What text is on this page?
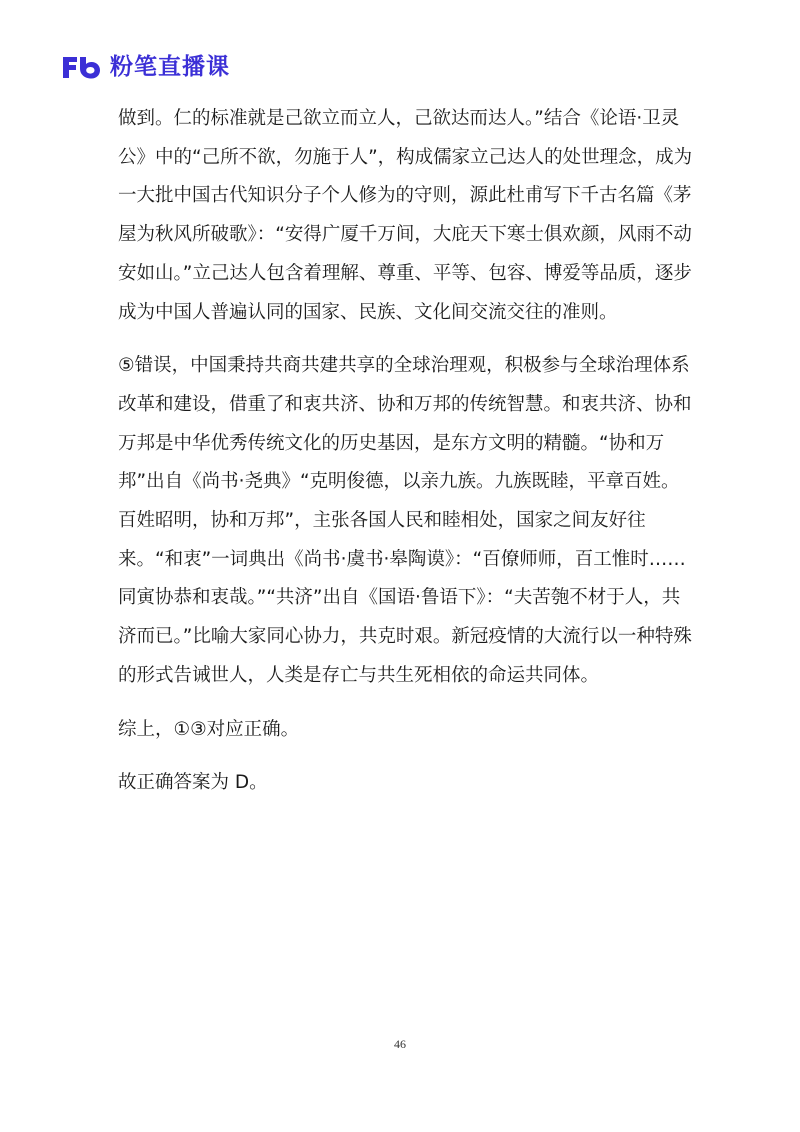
粉笔直播课

做到。仁的标准就是己欲立而立人，己欲达而达人。”结合《论语·卫灵公》中的“己所不欲，勿施于人”，构成儒家立己达人的处世理念，成为一大批中国古代知识分子个人修为的守则，源此杜甫写下千古名篇《茅屋为秋风所破歌》：“安得广厦千万间，大庇天下寒士俱欢颜，风雨不动安如山。”立己达人包含着理解、尊重、平等、包容、博爱等品质，逐步成为中国人普遍认同的国家、民族、文化间交流交往的准则。

⑤错误，中国秉持共商共建共享的全球治理观，积极参与全球治理体系改革和建设，借重了和衷共济、协和万邦的传统智慧。和衷共济、协和万邦是中华优秀传统文化的历史基因，是东方文明的精髓。“协和万邦”出自《尚书·尧典》“克明俊德，以亲九族。九族既睦，平章百姓。百姓昭明，协和万邦”，主张各国人民和睦相处，国家之间友好往来。“和衷”一词典出《尚书·虞书·皋陶谟》：“百僚师师，百工惟时……同寅协恭和衷哉。”“共济”出自《国语·鲁语下》：“夫苦匏不材于人，共济而已。”比喻大家同心协力，共克时艰。新冠疫情的大流行以一种特殊的形式告诫世人，人类是存亡与共生死相依的命运共同体。

综上，①③对应正确。

故正确答案为 D。

46
